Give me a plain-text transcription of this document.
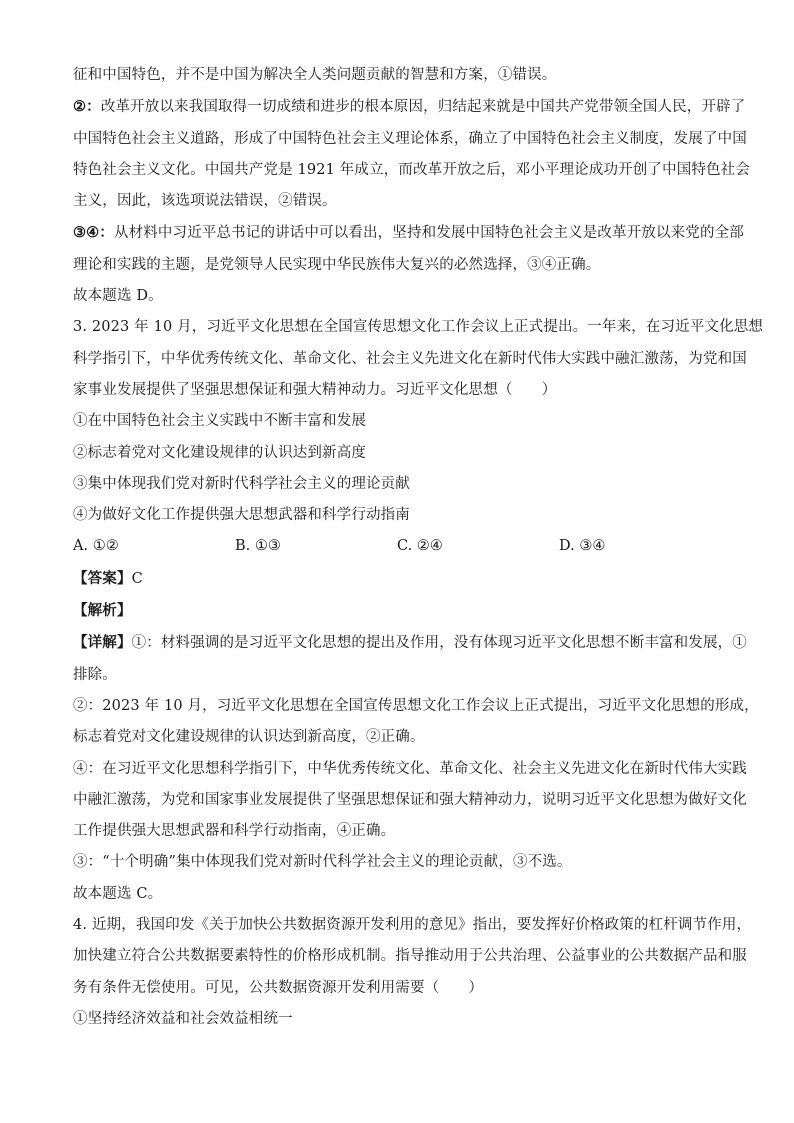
征和中国特色，并不是中国为解决全人类问题贡献的智慧和方案，①错误。
②：改革开放以来我国取得一切成绩和进步的根本原因，归结起来就是中国共产党带领全国人民，开辟了
中国特色社会主义道路，形成了中国特色社会主义理论体系，确立了中国特色社会主义制度，发展了中国
特色社会主义文化。中国共产党是 1921 年成立，而改革开放之后，邓小平理论成功开创了中国特色社会
主义，因此，该选项说法错误，②错误。
③④：从材料中习近平总书记的讲话中可以看出，坚持和发展中国特色社会主义是改革开放以来党的全部
理论和实践的主题，是党领导人民实现中华民族伟大复兴的必然选择，③④正确。
故本题选 D。
3. 2023 年 10 月，习近平文化思想在全国宣传思想文化工作会议上正式提出。一年来，在习近平文化思想
科学指引下，中华优秀传统文化、革命文化、社会主义先进文化在新时代伟大实践中融汇激荡，为党和国
家事业发展提供了坚强思想保证和强大精神动力。习近平文化思想（　　）
①在中国特色社会主义实践中不断丰富和发展
②标志着党对文化建设规律的认识达到新高度
③集中体现我们党对新时代科学社会主义的理论贡献
④为做好文化工作提供强大思想武器和科学行动指南
A. ①②	B. ①③	C. ②④	D. ③④
【答案】C
【解析】
【详解】①：材料强调的是习近平文化思想的提出及作用，没有体现习近平文化思想不断丰富和发展，①
排除。
②：2023 年 10 月，习近平文化思想在全国宣传思想文化工作会议上正式提出，习近平文化思想的形成，
标志着党对文化建设规律的认识达到新高度，②正确。
④：在习近平文化思想科学指引下，中华优秀传统文化、革命文化、社会主义先进文化在新时代伟大实践
中融汇激荡，为党和国家事业发展提供了坚强思想保证和强大精神动力，说明习近平文化思想为做好文化
工作提供强大思想武器和科学行动指南，④正确。
③：“十个明确”集中体现我们党对新时代科学社会主义的理论贡献，③不选。
故本题选 C。
4. 近期，我国印发《关于加快公共数据资源开发利用的意见》指出，要发挥好价格政策的杠杆调节作用，
加快建立符合公共数据要素特性的价格形成机制。指导推动用于公共治理、公益事业的公共数据产品和服
务有条件无偿使用。可见，公共数据资源开发利用需要（　　）
①坚持经济效益和社会效益相统一
